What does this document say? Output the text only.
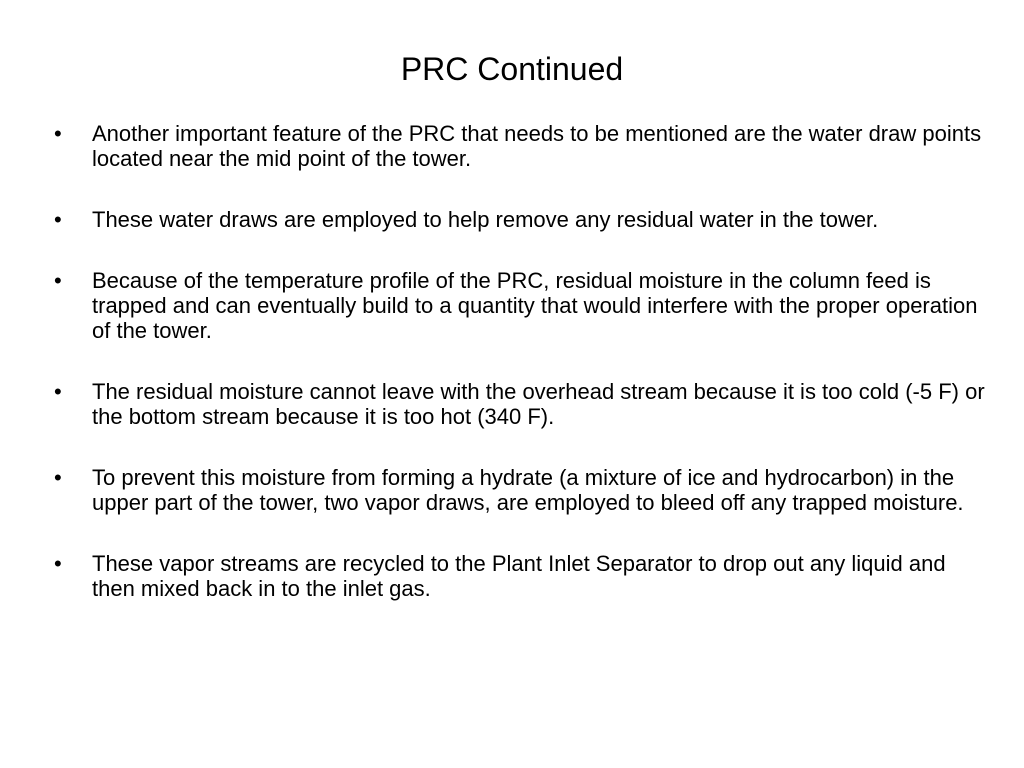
PRC Continued
•	Another important feature of the PRC that needs to be mentioned are the water draw points located near the mid point of the tower.
•	These water draws are employed to help remove any residual water in the tower.
•	Because of the temperature profile of the PRC, residual moisture in the column feed is trapped and can eventually build to a quantity that would interfere with the proper operation of the tower.
•	The residual moisture cannot leave with the overhead stream because it is too cold (-5 F) or the bottom stream because it is too hot (340 F).
•	To prevent this moisture from forming a hydrate (a mixture of ice and hydrocarbon) in the upper part of the tower, two vapor draws, are employed to bleed off any trapped moisture.
•	These vapor streams are recycled to the Plant Inlet Separator to drop out any liquid and then mixed back in to the inlet gas.
